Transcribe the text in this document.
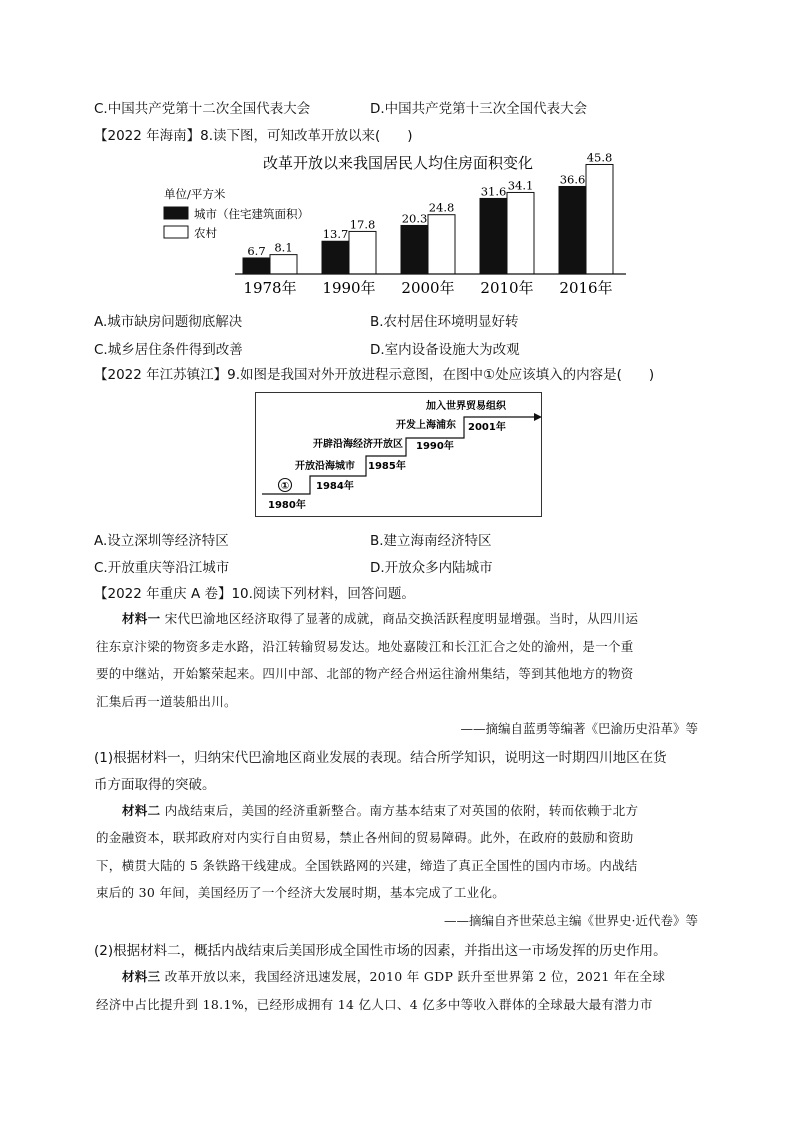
C.中国共产党第十二次全国代表大会	D.中国共产党第十三次全国代表大会
【2022 年海南】8.读下图，可知改革开放以来(　　)
改革开放以来我国居民人均住房面积变化
单位/平方米
城市（住宅建筑面积）
农村
6.7 8.1
13.7
17.8 20.3
24.8
31.6 34.1 36.6
45.8
1978年 1990年 2000年 2010年 2016年
A.城市缺房问题彻底解决	B.农村居住环境明显好转
C.城乡居住条件得到改善	D.室内设备设施大为改观
【2022 年江苏镇江】9.如图是我国对外开放进程示意图，在图中①处应该填入的内容是(　　)
①
1980年
开放沿海城市
1984年
开辟沿海经济开放区
1985年
开发上海浦东
1990年
加入世界贸易组织
2001年
A.设立深圳等经济特区	B.建立海南经济特区
C.开放重庆等沿江城市	D.开放众多内陆城市
【2022 年重庆 A 卷】10.阅读下列材料，回答问题。
材料一 宋代巴渝地区经济取得了显著的成就，商品交换活跃程度明显增强。当时，从四川运
往东京汴梁的物资多走水路，沿江转输贸易发达。地处嘉陵江和长江汇合之处的渝州，是一个重
要的中继站，开始繁荣起来。四川中部、北部的物产经合州运往渝州集结，等到其他地方的物资
汇集后再一道装船出川。
——摘编自蓝勇等编著《巴渝历史沿革》等
(1)根据材料一，归纳宋代巴渝地区商业发展的表现。结合所学知识，说明这一时期四川地区在货
币方面取得的突破。
材料二 内战结束后，美国的经济重新整合。南方基本结束了对英国的依附，转而依赖于北方
的金融资本，联邦政府对内实行自由贸易，禁止各州间的贸易障碍。此外，在政府的鼓励和资助
下，横贯大陆的 5 条铁路干线建成。全国铁路网的兴建，缔造了真正全国性的国内市场。内战结
束后的 30 年间，美国经历了一个经济大发展时期，基本完成了工业化。
——摘编自齐世荣总主编《世界史·近代卷》等
(2)根据材料二，概括内战结束后美国形成全国性市场的因素，并指出这一市场发挥的历史作用。
材料三 改革开放以来，我国经济迅速发展，2010 年 GDP 跃升至世界第 2 位，2021 年在全球
经济中占比提升到 18.1%，已经形成拥有 14 亿人口、4 亿多中等收入群体的全球最大最有潜力市
